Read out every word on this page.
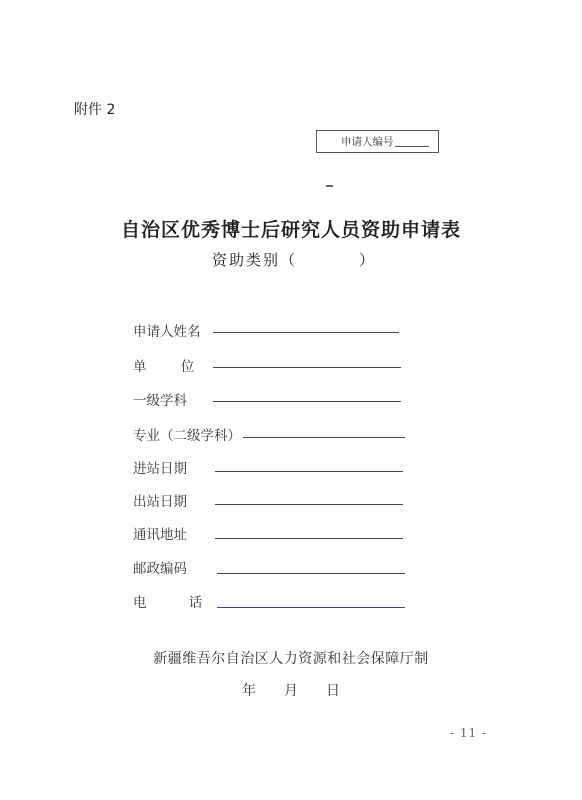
附件 2
申请人编号
自治区优秀博士后研究人员资助申请表
资助类别（	）
申请人姓名
单 位
一级学科
专业（二级学科）
进站日期
出站日期
通讯地址
邮政编码
电 话
新疆维吾尔自治区人力资源和社会保障厅制
年 月 日
- 11 -
